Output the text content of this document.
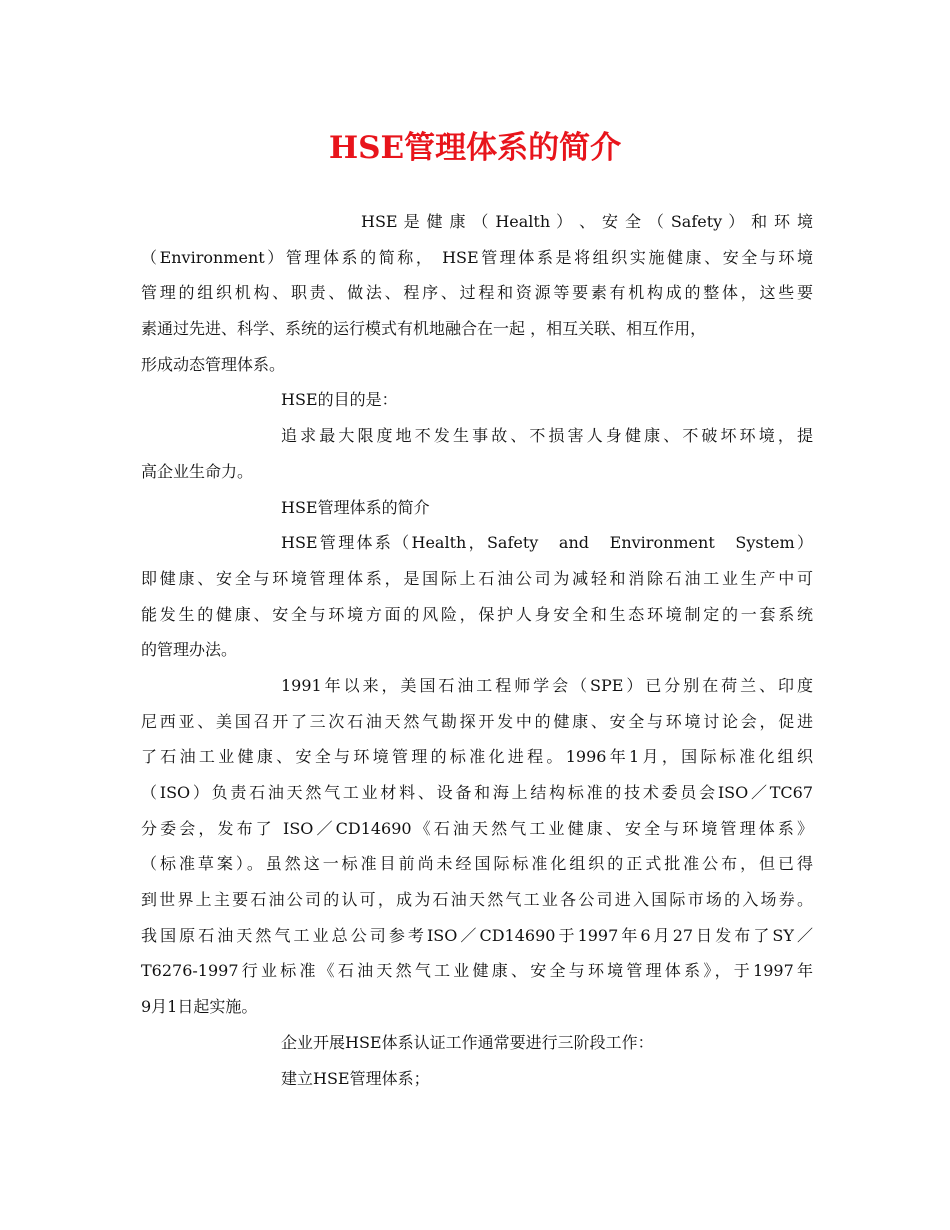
HSE管理体系的简介
HSE 是 健 康 （ Health ） 、 安 全 （ Safety ） 和 环 境
（Environment）管理体系的简称， HSE管理体系是将组织实施健康、安全与环境
管理的组织机构、职责、做法、程序、过程和资源等要素有机构成的整体，这些要
素通过先进、科学、系统的运行模式有机地融合在一起 ，相互关联、相互作用，
形成动态管理体系。
HSE的目的是：
追求最大限度地不发生事故、不损害人身健康、不破坏环境，提
高企业生命力。
HSE管理体系的简介
HSE管理体系（Health，Safety　and　Environment　System）
即健康、安全与环境管理体系，是国际上石油公司为减轻和消除石油工业生产中可
能发生的健康、安全与环境方面的风险，保护人身安全和生态环境制定的一套系统
的管理办法。
1991年以来，美国石油工程师学会（SPE）已分别在荷兰、印度
尼西亚、美国召开了三次石油天然气勘探开发中的健康、安全与环境讨论会，促进
了石油工业健康、安全与环境管理的标准化进程。1996年1月，国际标准化组织
（ISO）负责石油天然气工业材料、设备和海上结构标准的技术委员会ISO／TC67
分委会，发布了 ISO／CD14690《石油天然气工业健康、安全与环境管理体系》
（标准草案）。虽然这一标准目前尚未经国际标准化组织的正式批准公布，但已得
到世界上主要石油公司的认可，成为石油天然气工业各公司进入国际市场的入场券。
我国原石油天然气工业总公司参考ISO／CD14690于1997年6月27日发布了SY／
T6276-1997行业标准《石油天然气工业健康、安全与环境管理体系》，于1997年
9月1日起实施。
企业开展HSE体系认证工作通常要进行三阶段工作：
建立HSE管理体系；
